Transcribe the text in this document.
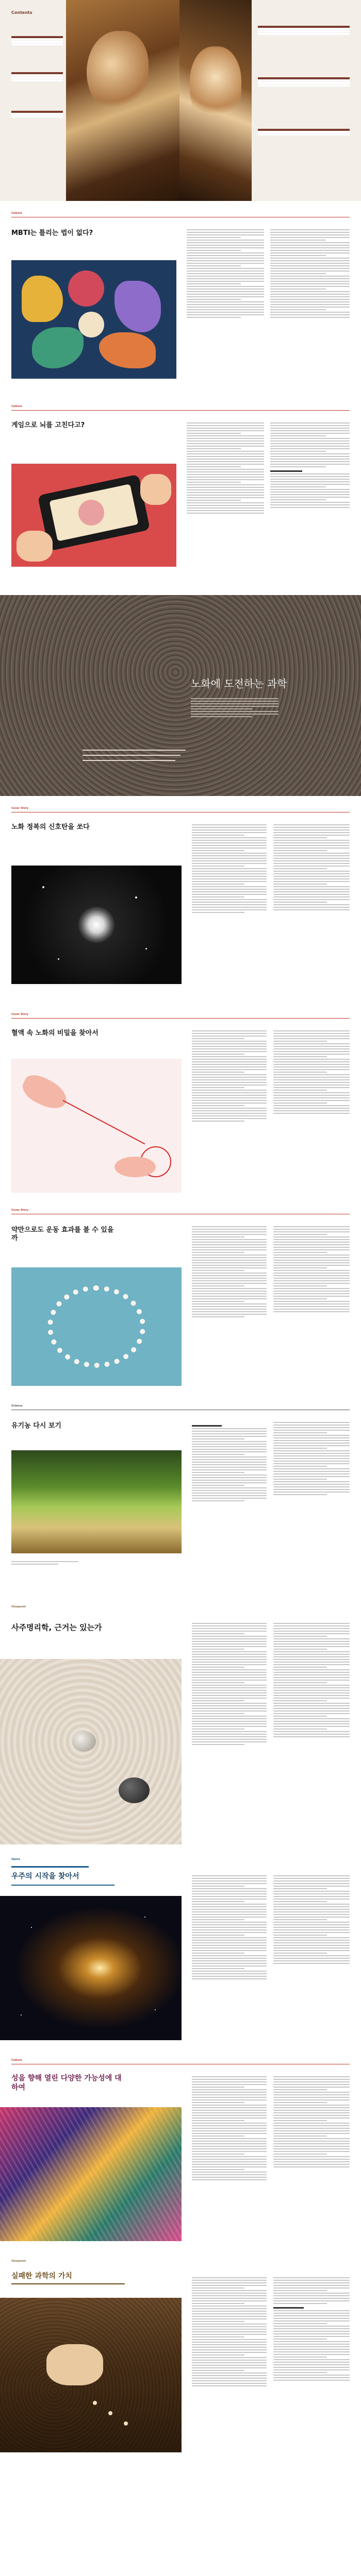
Contents
Culture
MBTI는 틀리는 법이 없다?
Culture
게임으로 뇌를 고친다고?
노화에 도전하는 과학
Cover Story
노화 정복의 신호탄을 쏘다
Cover Story
혈액 속 노화의 비밀을 찾아서
Cover Story
약만으로도 운동 효과를 볼 수 있을까
Science
유기농 다시 보기
Viewpoint
사주명리학, 근거는 있는가
Space
우주의 시작을 찾아서
Culture
성을 향해 열린 다양한 가능성에 대하여
Viewpoint
실패한 과학의 가치
